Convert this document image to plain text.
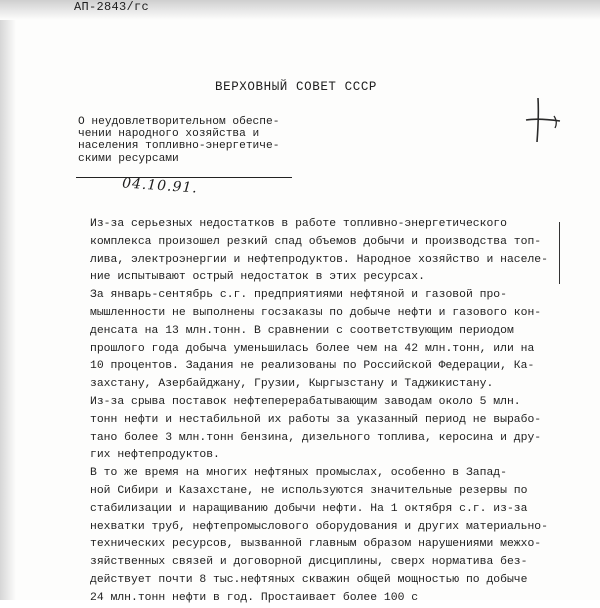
АП-2843/гс
ВЕРХОВНЫЙ СОВЕТ СССР
О неудовлетворительном обеспе-
чении народного хозяйства и
населения топливно-энергетиче-
скими ресурсами
04.10.91.
Из-за серьезных недостатков в работе топливно-энергетического
комплекса произошел резкий спад объемов добычи и производства топ-
лива, электроэнергии и нефтепродуктов. Народное хозяйство и населе-
ние испытывают острый недостаток в этих ресурсах.
За январь-сентябрь с.г. предприятиями нефтяной и газовой про-
мышленности не выполнены госзаказы по добыче нефти и газового кон-
денсата на 13 млн.тонн. В сравнении с соответствующим периодом
прошлого года добыча уменьшилась более чем на 42 млн.тонн, или на
10 процентов. Задания не реализованы по Российской Федерации, Ка-
захстану, Азербайджану, Грузии, Кыргызстану и Таджикистану.
Из-за срыва поставок нефтеперерабатывающим заводам около 5 млн.
тонн нефти и нестабильной их работы за указанный период не вырабо-
тано более 3 млн.тонн бензина, дизельного топлива, керосина и дру-
гих нефтепродуктов.
В то же время на многих нефтяных промыслах, особенно в Запад-
ной Сибири и Казахстане, не используются значительные резервы по
стабилизации и наращиванию добычи нефти. На 1 октября с.г. из-за
нехватки труб, нефтепромыслового оборудования и других материально-
технических ресурсов, вызванной главным образом нарушениями межхо-
зяйственных связей и договорной дисциплины, сверх норматива без-
действует почти 8 тыс.нефтяных скважин общей мощностью по добыче
24 млн.тонн нефти в год. Простаивает более 100 с
